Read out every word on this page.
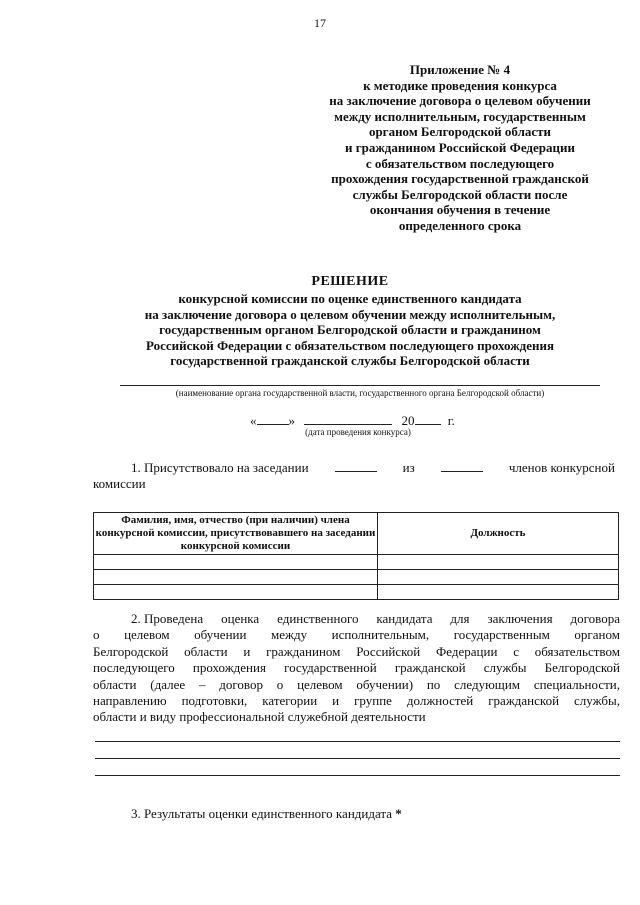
17
Приложение № 4
к методике проведения конкурса
на заключение договора о целевом обучении
между исполнительным, государственным
органом Белгородской области
и гражданином Российской Федерации
с обязательством последующего
прохождения государственной гражданской
службы Белгородской области после
окончания обучения в течение
определенного срока
РЕШЕНИЕ
конкурсной комиссии по оценке единственного кандидата
на заключение договора о целевом обучении между исполнительным,
государственным органом Белгородской области и гражданином
Российской Федерации с обязательством последующего прохождения
государственной гражданской службы Белгородской области
(наименование органа государственной власти, государственного органа Белгородской области)
« »	20	г.
(дата проведения конкурса)
1. Присутствовало на заседании	из	членов конкурсной
комиссии
Фамилия, имя, отчество (при наличии) члена конкурсной комиссии, присутствовавшего на заседании конкурсной комиссии	Должность

2. Проведена оценка единственного кандидата для заключения договора
о целевом обучении между исполнительным, государственным органом
Белгородской области и гражданином Российской Федерации с обязательством
последующего прохождения государственной гражданской службы Белгородской
области (далее – договор о целевом обучении) по следующим специальности,
направлению подготовки, категории и группе должностей гражданской службы,
области и виду профессиональной служебной деятельности
3. Результаты оценки единственного кандидата *
